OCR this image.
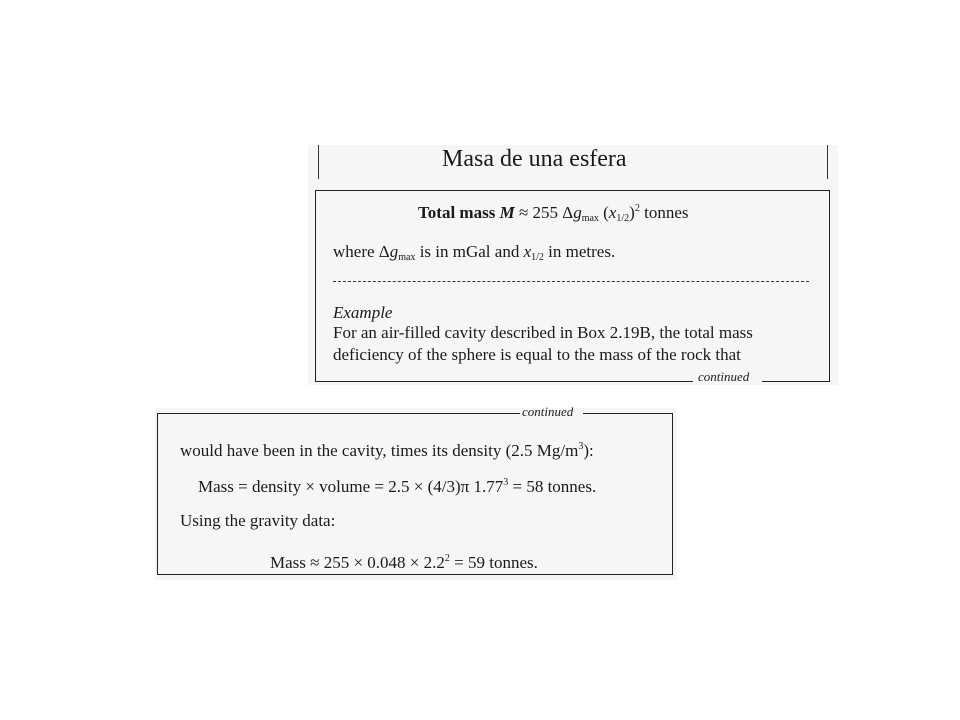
Masa de una esfera
continued
Total mass M ≈ 255 $\Delta g_{max}$ $(x_{1/2})^2$ tonnes
where $\Delta g_{max}$ is in mGal and $x_{1/2}$ in metres.
Example
For an air-filled cavity described in Box 2.19B, the total mass
deficiency of the sphere is equal to the mass of the rock that
continued
would have been in the cavity, times its density (2.5 $Mg/m^3$):
Mass = density × volume = 2.5 × (4/3)π $1.77^3 = 58$ tonnes.
Using the gravity data:
Mass ≈ $255 \times 0.048 \times 2.2^2 = 59$ tonnes.
